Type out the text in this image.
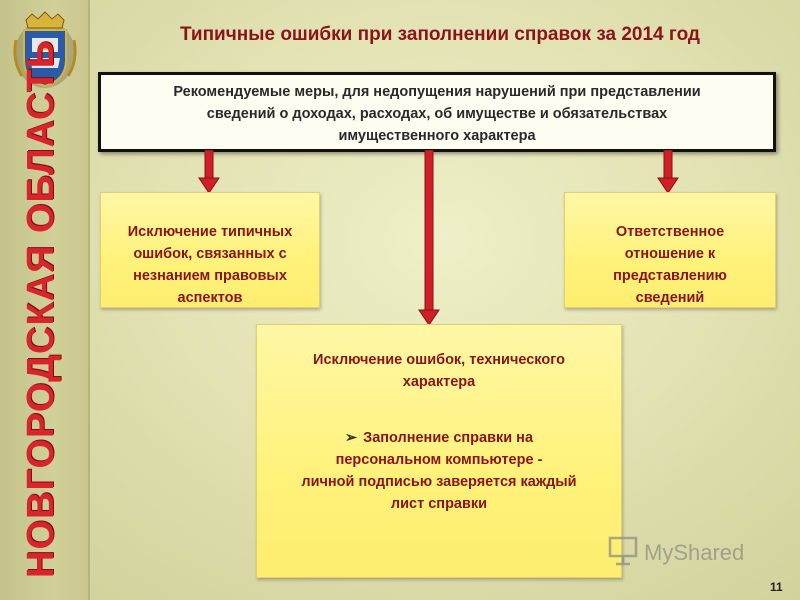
НОВГОРОДСКАЯ ОБЛАСТЬ
Типичные ошибки при заполнении справок за 2014 год
Рекомендуемые меры, для недопущения нарушений при представлении
сведений о доходах, расходах, об имуществе и обязательствах
имущественного характера
Исключение типичных
ошибок, связанных с
незнанием правовых
аспектов
Ответственное
отношение к
представлению
сведений
Исключение ошибок, технического
характера
➢ Заполнение справки на
персональном компьютере -
личной подписью заверяется каждый
лист справки
MyShared
11
